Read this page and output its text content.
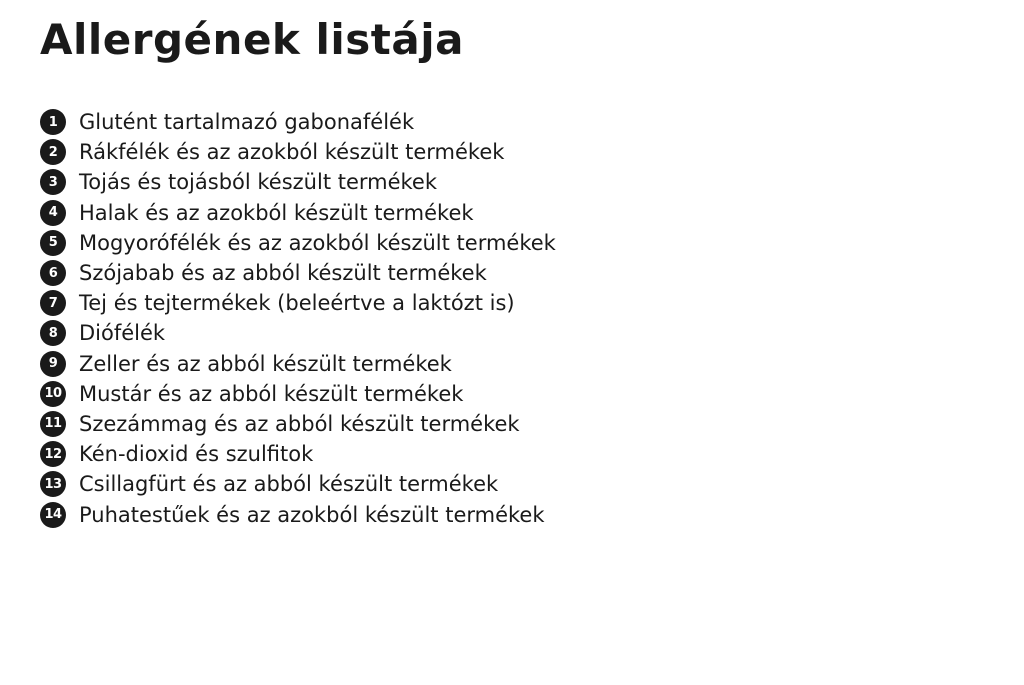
Allergének listája
1	Glutént tartalmazó gabonafélék
2	Rákfélék és az azokból készült termékek
3	Tojás és tojásból készült termékek
4	Halak és az azokból készült termékek
5	Mogyorófélék és az azokból készült termékek
6	Szójabab és az abból készült termékek
7	Tej és tejtermékek (beleértve a laktózt is)
8	Diófélék
9	Zeller és az abból készült termékek
10 Mustár és az abból készült termékek
11 Szezámmag és az abból készült termékek
12 Kén-dioxid és szulfitok
13 Csillagfürt és az abból készült termékek
14 Puhatestűek és az azokból készült termékek
